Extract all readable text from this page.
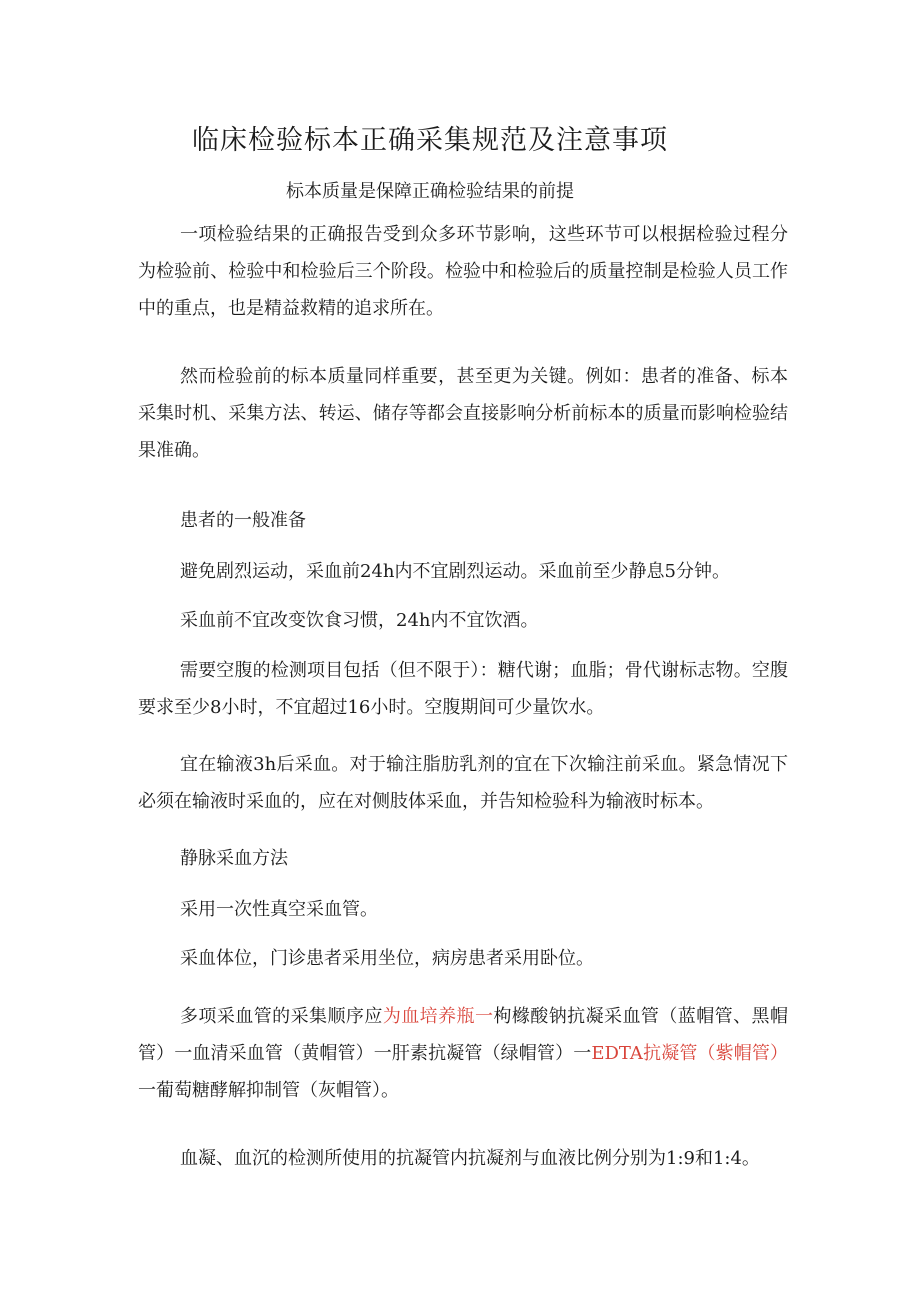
临床检验标本正确采集规范及注意事项

标本质量是保障正确检验结果的前提

一项检验结果的正确报告受到众多环节影响，这些环节可以根据检验过程分为检验前、检验中和检验后三个阶段。检验中和检验后的质量控制是检验人员工作中的重点，也是精益救精的追求所在。

然而检验前的标本质量同样重要，甚至更为关键。例如：患者的准备、标本采集时机、采集方法、转运、储存等都会直接影响分析前标本的质量而影响检验结果准确。

患者的一般准备

避免剧烈运动，采血前24h内不宜剧烈运动。采血前至少静息5分钟。

采血前不宜改变饮食习惯，24h内不宜饮酒。

需要空腹的检测项目包括（但不限于）：糖代谢；血脂；骨代谢标志物。空腹要求至少8小时，不宜超过16小时。空腹期间可少量饮水。

宜在输液3h后采血。对于输注脂肪乳剂的宜在下次输注前采血。紧急情况下必须在输液时采血的，应在对侧肢体采血，并告知检验科为输液时标本。

静脉采血方法

采用一次性真空采血管。

采血体位，门诊患者采用坐位，病房患者采用卧位。

多项采血管的采集顺序应为血培养瓶一枸橼酸钠抗凝采血管（蓝帽管、黑帽管）一血清采血管（黄帽管）一肝素抗凝管（绿帽管）一EDTA抗凝管（紫帽管）一葡萄糖酵解抑制管（灰帽管）。

血凝、血沉的检测所使用的抗凝管内抗凝剂与血液比例分别为1:9和1:4。
